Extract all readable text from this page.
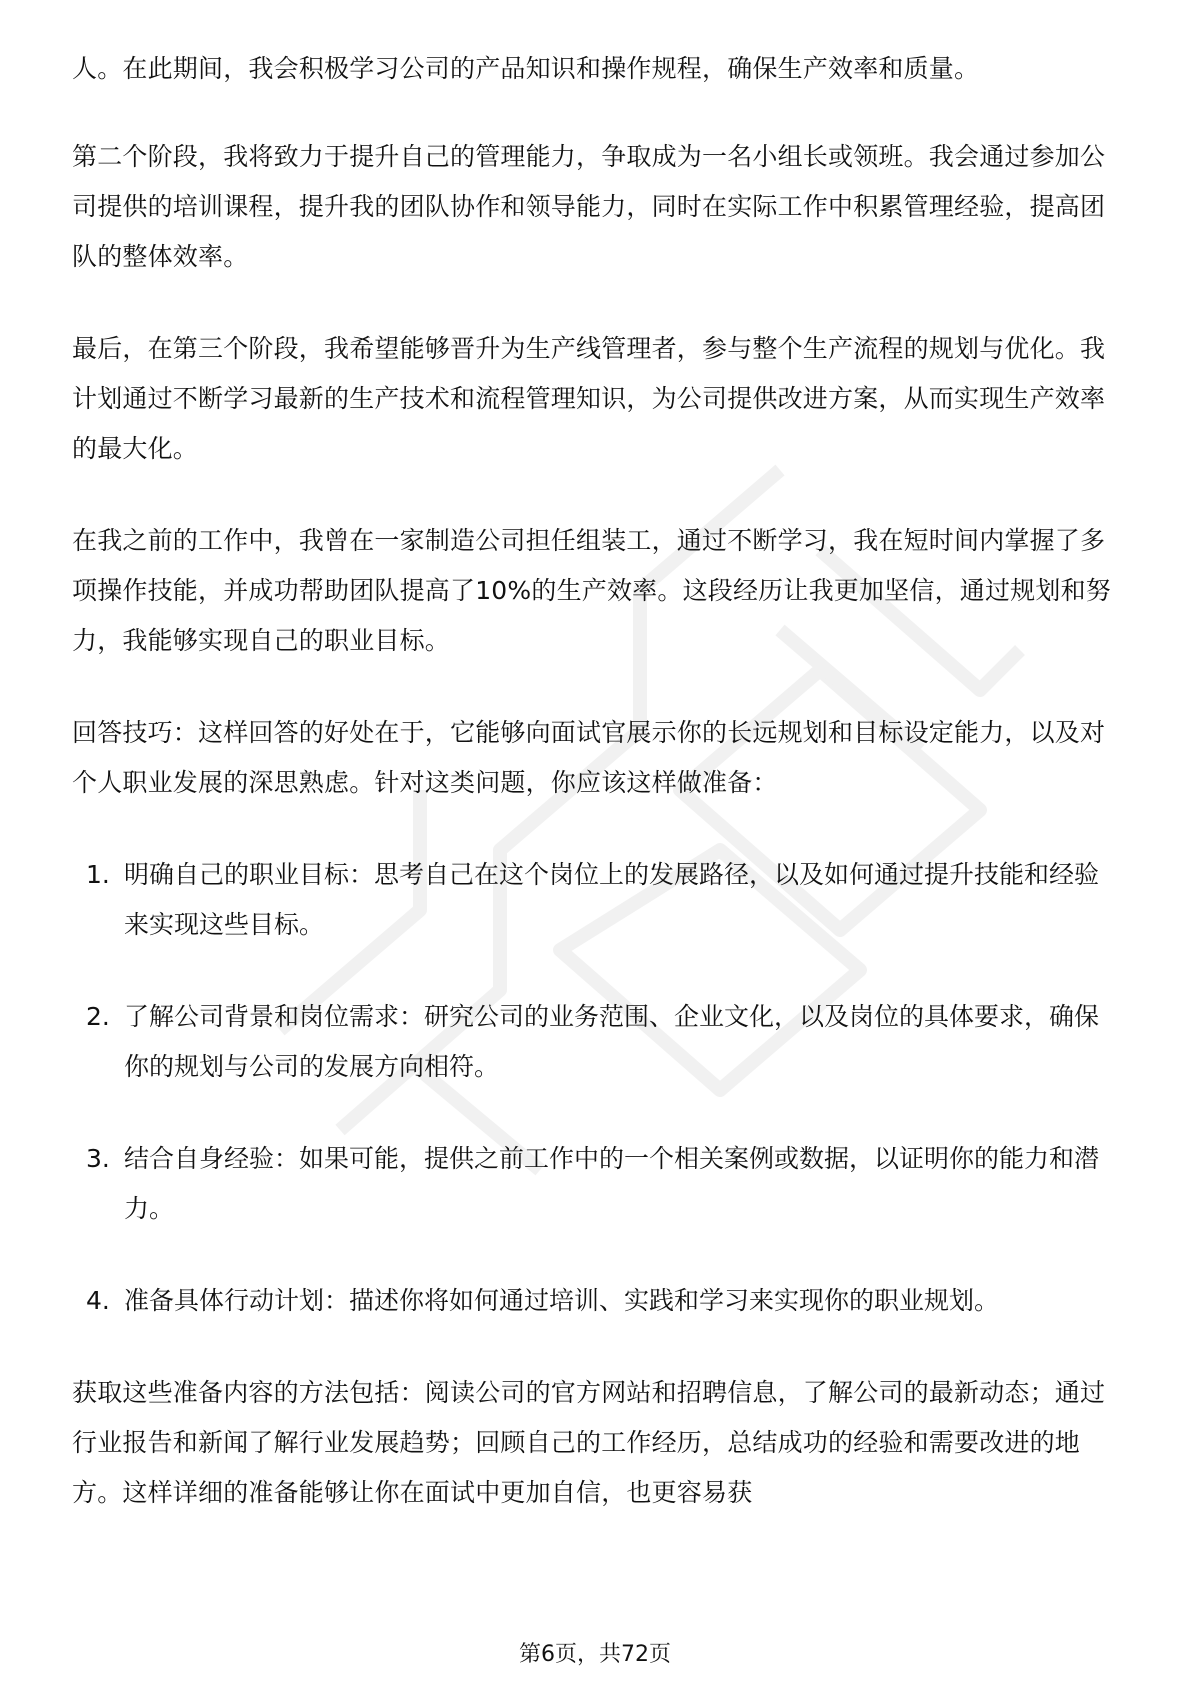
人。在此期间，我会积极学习公司的产品知识和操作规程，确保生产效率和质量。

第二个阶段，我将致力于提升自己的管理能力，争取成为一名小组长或领班。我会通过参加公司提供的培训课程，提升我的团队协作和领导能力，同时在实际工作中积累管理经验，提高团队的整体效率。

最后，在第三个阶段，我希望能够晋升为生产线管理者，参与整个生产流程的规划与优化。我计划通过不断学习最新的生产技术和流程管理知识，为公司提供改进方案，从而实现生产效率的最大化。

在我之前的工作中，我曾在一家制造公司担任组装工，通过不断学习，我在短时间内掌握了多项操作技能，并成功帮助团队提高了10%的生产效率。这段经历让我更加坚信，通过规划和努力，我能够实现自己的职业目标。

回答技巧：这样回答的好处在于，它能够向面试官展示你的长远规划和目标设定能力，以及对个人职业发展的深思熟虑。针对这类问题，你应该这样做准备：

1. 明确自己的职业目标：思考自己在这个岗位上的发展路径，以及如何通过提升技能和经验来实现这些目标。
2. 了解公司背景和岗位需求：研究公司的业务范围、企业文化，以及岗位的具体要求，确保你的规划与公司的发展方向相符。
3. 结合自身经验：如果可能，提供之前工作中的一个相关案例或数据，以证明你的能力和潜力。
4. 准备具体行动计划：描述你将如何通过培训、实践和学习来实现你的职业规划。

获取这些准备内容的方法包括：阅读公司的官方网站和招聘信息，了解公司的最新动态；通过行业报告和新闻了解行业发展趋势；回顾自己的工作经历，总结成功的经验和需要改进的地方。这样详细的准备能够让你在面试中更加自信，也更容易获

第6页，共72页
